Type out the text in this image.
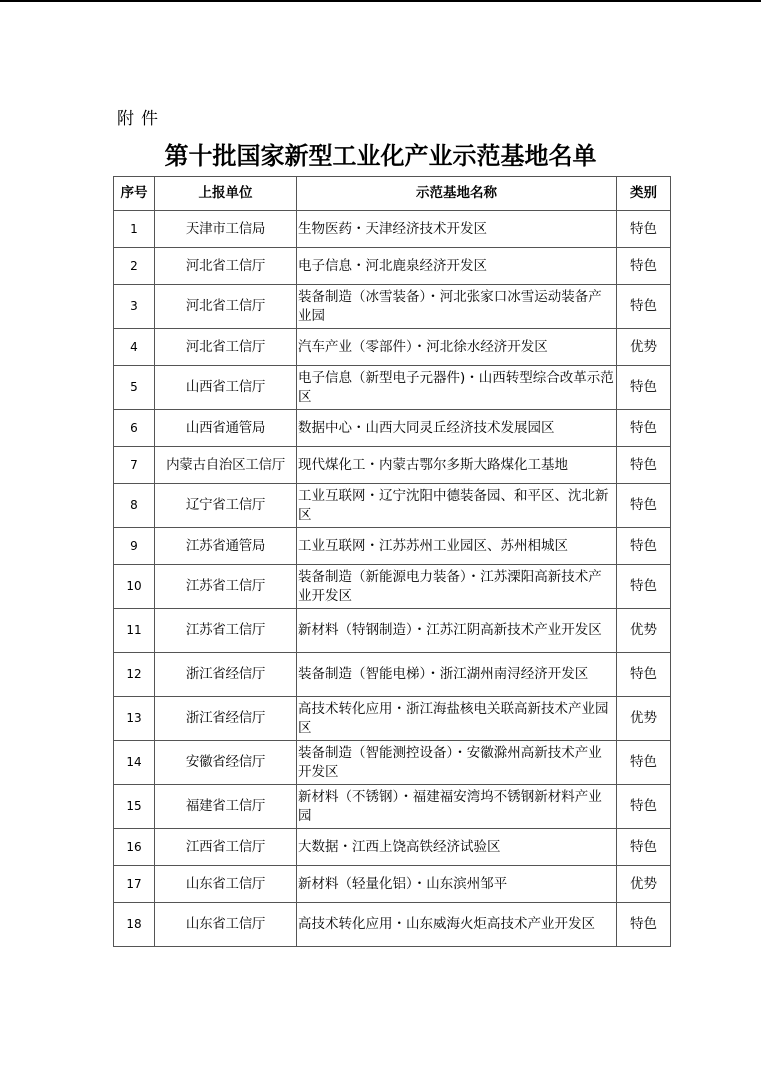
附件
第十批国家新型工业化产业示范基地名单
序号	上报单位	示范基地名称	类别
1	天津市工信局	生物医药・天津经济技术开发区	特色
2	河北省工信厅	电子信息・河北鹿泉经济开发区	特色
3	河北省工信厅	装备制造（冰雪装备）・河北张家口冰雪运动装备产业园	特色
4	河北省工信厅	汽车产业（零部件）・河北徐水经济开发区	优势
5	山西省工信厅	电子信息（新型电子元器件)・山西转型综合改革示范区	特色
6	山西省通管局	数据中心・山西大同灵丘经济技术发展园区	特色
7	内蒙古自治区工信厅	现代煤化工・内蒙古鄂尔多斯大路煤化工基地	特色
8	辽宁省工信厅	工业互联网・辽宁沈阳中德装备园、和平区、沈北新区	特色
9	江苏省通管局	工业互联网・江苏苏州工业园区、苏州相城区	特色
10	江苏省工信厅	装备制造（新能源电力装备）・江苏溧阳高新技术产业开发区	特色
11	江苏省工信厅	新材料（特钢制造）・江苏江阴高新技术产业开发区	优势
12	浙江省经信厅	装备制造（智能电梯）・浙江湖州南浔经济开发区	特色
13	浙江省经信厅	高技术转化应用・浙江海盐核电关联高新技术产业园区	优势
14	安徽省经信厅	装备制造（智能测控设备）・安徽滁州高新技术产业开发区	特色
15	福建省工信厅	新材料（不锈钢）・福建福安湾坞不锈钢新材料产业园	特色
16	江西省工信厅	大数据・江西上饶高铁经济试验区	特色
17	山东省工信厅	新材料（轻量化铝）・山东滨州邹平	优势
18	山东省工信厅	高技术转化应用・山东威海火炬高技术产业开发区	特色
